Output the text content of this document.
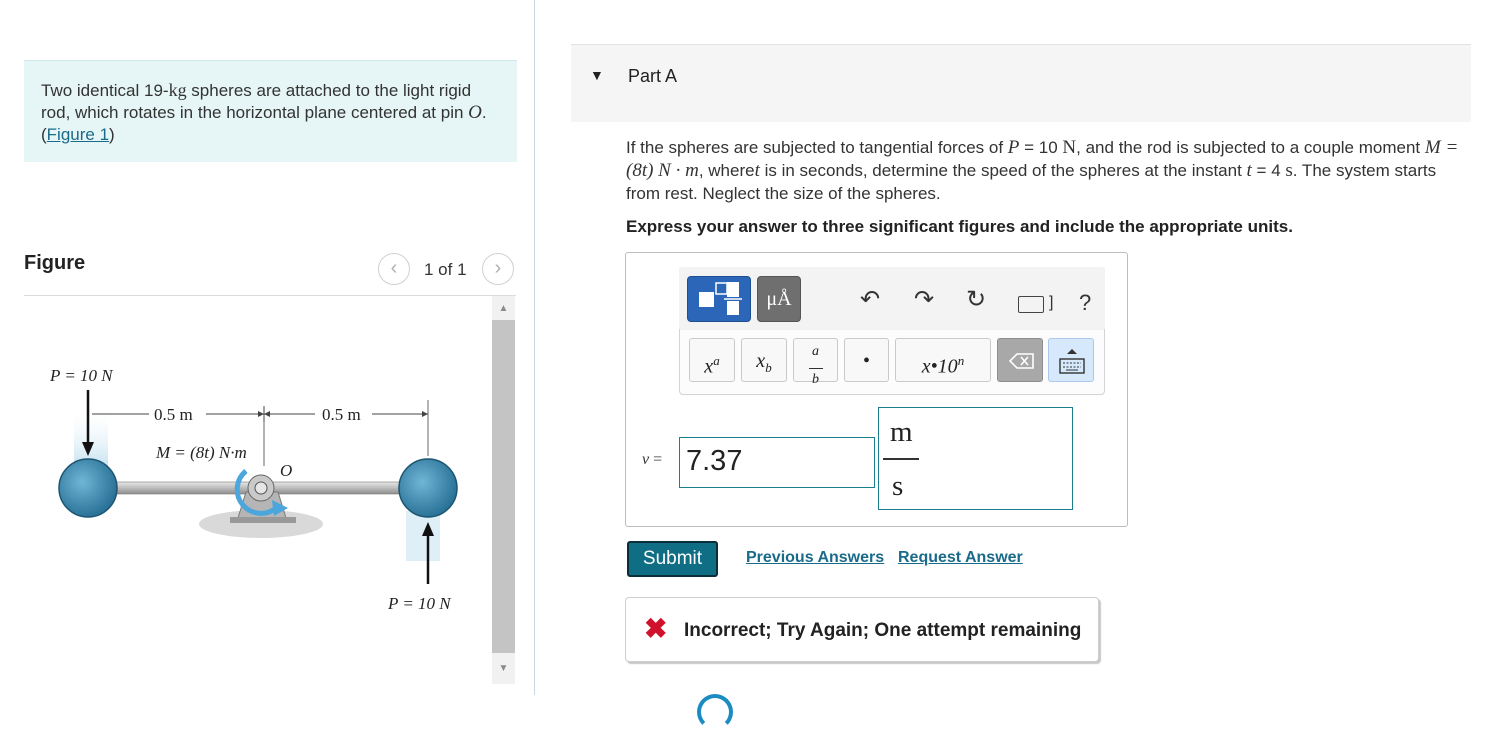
Two identical 19-kg spheres are attached to the light rigid rod, which rotates in the horizontal plane centered at pin O. (Figure 1)
Figure	‹	1 of 1	›
P = 10 N
0.5 m	0.5 m
M = (8t) N·m
O
P = 10 N
▲
▼
▼ Part A
If the spheres are subjected to tangential forces of P = 10 N, and the rod is subjected to a couple moment M = (8t) N · m, wheret is in seconds, determine the speed of the spheres at the instant t = 4 s. The system starts from rest. Neglect the size of the spheres.
Express your answer to three significant figures and include the appropriate units.
μÅ	↶ ↷ ↻	] ?
$x^a$	$x_b$
a

b
•	x•10$^n$
v = 7.37
m
s
Submit	Previous Answers Request Answer
✖ Incorrect; Try Again; One attempt remaining
